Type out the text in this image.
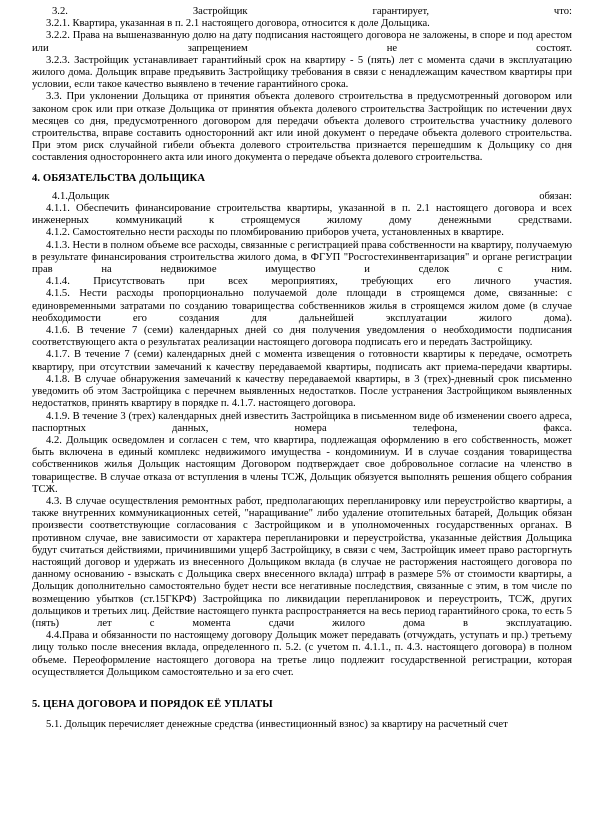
3.2. Застройщик гарантирует, что:

3.2.1. Квартира, указанная в п. 2.1 настоящего договора, относится к доле Дольщика.

3.2.2. Права на вышеназванную долю на дату подписания настоящего договора не заложены, в споре и под арестом или запрещением не состоят.

3.2.3. Застройщик устанавливает гарантийный срок на квартиру - 5 (пять) лет с момента сдачи в эксплуатацию жилого дома. Дольщик вправе предъявить Застройщику требования в связи с ненадлежащим качеством квартиры при условии, если такое качество выявлено в течение гарантийного срока.

3.3. При уклонении Дольщика от принятия объекта долевого строительства в предусмотренный договором или законом срок или при отказе Дольщика от принятия объекта долевого строительства Застройщик по истечении двух месяцев со дня, предусмотренного договором для передачи объекта долевого строительства участнику долевого строительства, вправе составить односторонний акт или иной документ о передаче объекта долевого строительства. При этом риск случайной гибели объекта долевого строительства признается перешедшим к Дольщику со дня составления одностороннего акта или иного документа о передаче объекта долевого строительства.

4. ОБЯЗАТЕЛЬСТВА ДОЛЬЩИКА

4.1.Дольщик обязан:

4.1.1. Обеспечить финансирование строительства квартиры, указанной в п. 2.1 настоящего договора и всех инженерных коммуникаций к строящемуся жилому дому денежными средствами.

4.1.2. Самостоятельно нести расходы по пломбированию приборов учета, установленных в квартире.

4.1.3. Нести в полном объеме все расходы, связанные с регистрацией права собственности на квартиру, получаемую в результате финансирования строительства жилого дома, в ФГУП "Росгостехинвентаризация" и органе регистрации прав на недвижимое имущество и сделок с ним.

4.1.4. Присутствовать при всех мероприятиях, требующих его личного участия.

4.1.5. Нести расходы пропорционально получаемой доле площади в строящемся доме, связанные: с единовременными затратами по созданию товарищества собственников жилья в строящемся жилом доме (в случае необходимости его создания для дальнейшей эксплуатации жилого дома).

4.1.6. В течение 7 (семи) календарных дней со дня получения уведомления о необходимости подписания соответствующего акта о результатах реализации настоящего договора подписать его и передать Застройщику.

4.1.7. В течение 7 (семи) календарных дней с момента извещения о готовности квартиры к передаче, осмотреть квартиру, при отсутствии замечаний к качеству передаваемой квартиры, подписать акт приема-передачи квартиры.

4.1.8. В случае обнаружения замечаний к качеству передаваемой квартиры, в 3 (трех)-дневный срок письменно уведомить об этом Застройщика с перечнем выявленных недостатков. После устранения Застройщиком выявленных недостатков, принять квартиру в порядке п. 4.1.7. настоящего договора.

4.1.9. В течение 3 (трех) календарных дней известить Застройщика в письменном виде об изменении своего адреса, паспортных данных, номера телефона, факса.

4.2. Дольщик осведомлен и согласен с тем, что квартира, подлежащая оформлению в его собственность, может быть включена в единый комплекс недвижимого имущества - кондоминиум. И в случае создания товарищества собственников жилья Дольщик настоящим Договором подтверждает свое добровольное согласие на членство в товариществе. В случае отказа от вступления в члены ТСЖ, Дольщик обязуется выполнять решения общего собрания ТСЖ.

4.3. В случае осуществления ремонтных работ, предполагающих перепланировку или переустройство квартиры, а также внутренних коммуникационных сетей, "наращивание" либо удаление отопительных батарей, Дольщик обязан произвести соответствующие согласования с Застройщиком и в уполномоченных государственных органах. В противном случае, вне зависимости от характера перепланировки и переустройства, указанные действия Дольщика будут считаться действиями, причинившими ущерб Застройщику, в связи с чем, Застройщик имеет право расторгнуть настоящий договор и удержать из внесенного Дольщиком вклада (в случае не расторжения настоящего договора по данному основанию - взыскать с Дольщика сверх внесенного вклада) штраф в размере 5% от стоимости квартиры, а Дольщик дополнительно самостоятельно будет нести все негативные последствия, связанные с этим, в том числе по возмещению убытков (ст.15ГКРФ) Застройщика по ликвидации перепланировок и переустроить, ТСЖ, других дольщиков и третьих лиц. Действие настоящего пункта распространяется на весь период гарантийного срока, то есть 5 (пять) лет с момента сдачи жилого дома в эксплуатацию.

4.4.Права и обязанности по настоящему договору Дольщик может передавать (отчуждать, уступать и пр.) третьему лицу только после внесения вклада, определенного п. 5.2. (с учетом п. 4.1.1., п. 4.3. настоящего договора) в полном объеме. Переоформление настоящего договора на третье лицо подлежит государственной регистрации, которая осуществляется Дольщиком самостоятельно и за его счет.

5. ЦЕНА ДОГОВОРА И ПОРЯДОК ЕЁ УПЛАТЫ

5.1. Дольщик перечисляет денежные средства (инвестиционный взнос) за квартиру на расчетный счет
